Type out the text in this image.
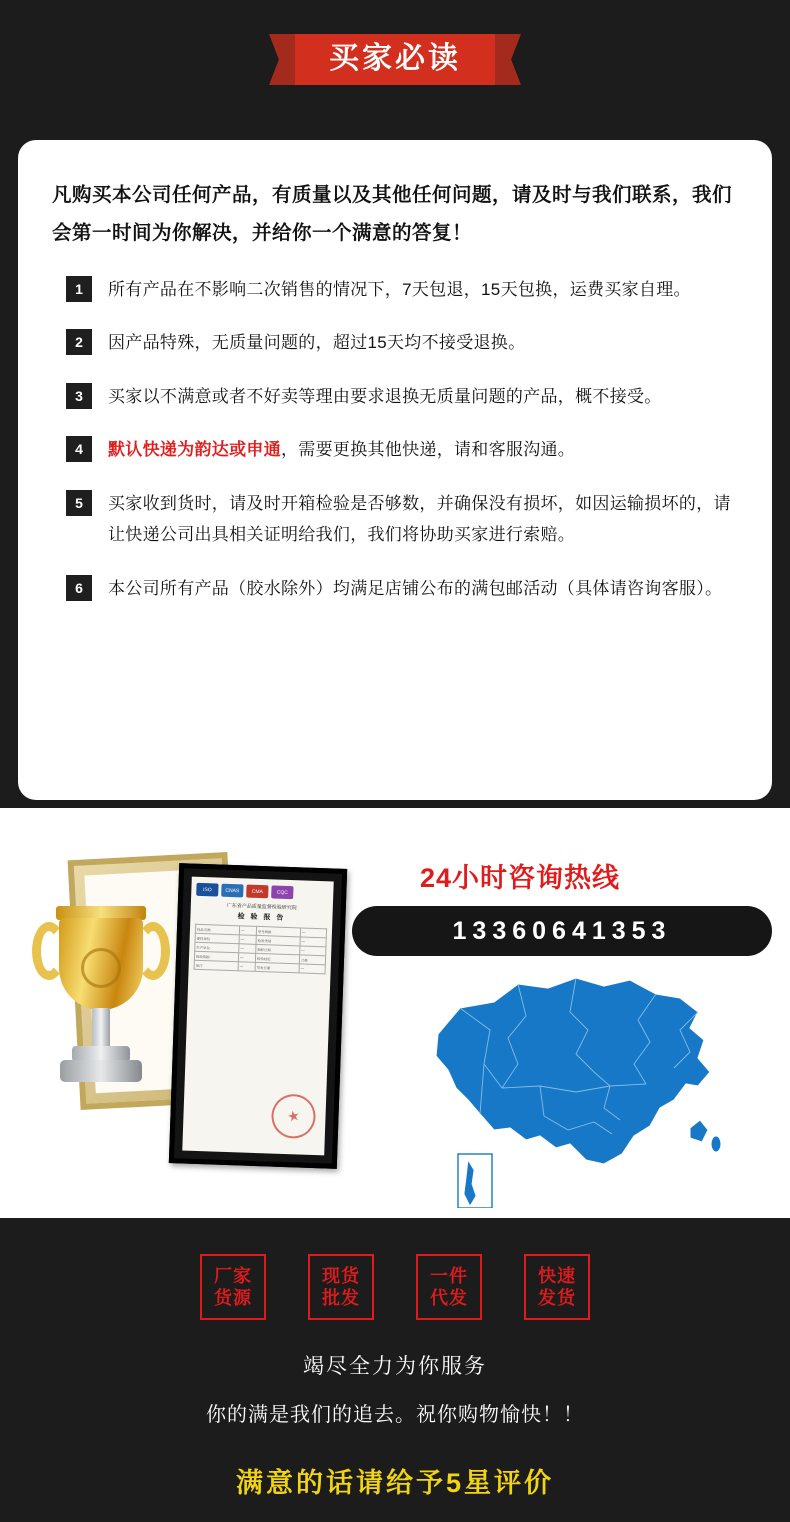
买家必读
凡购买本公司任何产品，有质量以及其他任何问题，请及时与我们联系，我们会第一时间为你解决，并给你一个满意的答复！
1	所有产品在不影响二次销售的情况下，7天包退，15天包换，运费买家自理。
2	因产品特殊，无质量问题的，超过15天均不接受退换。
3	买家以不满意或者不好卖等理由要求退换无质量问题的产品，概不接受。
4	默认快递为韵达或申通，需要更换其他快递，请和客服沟通。
5	买家收到货时，请及时开箱检验是否够数，并确保没有损坏，如因运输损坏的，请让快递公司出具相关证明给我们，我们将协助买家进行索赔。
6	本公司所有产品（胶水除外）均满足店铺公布的满包邮活动（具体请咨询客服）。
ISO	CNAS	CMA	CQC
广东省产品质量监督检验研究院
检 验 报 告
样品名称	—	型号规格	—
委托单位	—	检验类别	—
生产单位	—	抽样日期	—
检验依据	—	检验结论	合格
备注	—	签发日期	—
★
24小时咨询热线
13360641353
厂家
货源
现货
批发
一件
代发
快速
发货
竭尽全力为你服务
你的满是我们的追去。祝你购物愉快！！
满意的话请给予5星评价
